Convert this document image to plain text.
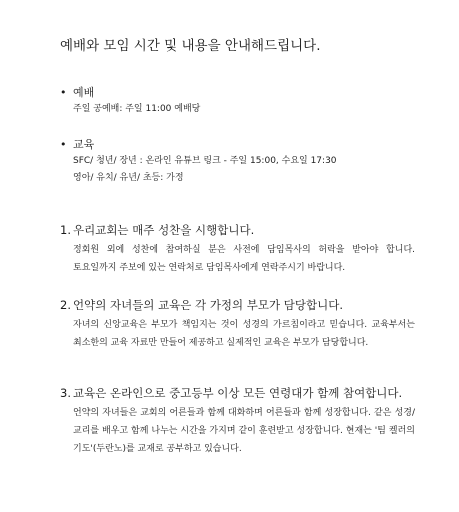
예배와 모임 시간 및 내용을 안내해드립니다.
• 예배
주일 공예배: 주일 11:00 예배당
• 교육
SFC/ 청년/ 장년 : 온라인 유튜브 링크 - 주일 15:00, 수요일 17:30
영아/ 유치/ 유년/ 초등: 가정
1. 우리교회는 매주 성찬을 시행합니다.
정회원 외에 성찬에 참여하실 분은 사전에 담임목사의 허락을 받아야 합니다. 토요일까지 주보에 있는 연락처로 담임목사에게 연락주시기 바랍니다.
2. 언약의 자녀들의 교육은 각 가정의 부모가 담당합니다.
자녀의 신앙교육은 부모가 책임지는 것이 성경의 가르침이라고 믿습니다. 교육부서는 최소한의 교육 자료만 만들어 제공하고 실제적인 교육은 부모가 담당합니다.
3. 교육은 온라인으로 중고등부 이상 모든 연령대가 함께 참여합니다.
언약의 자녀들은 교회의 어른들과 함께 대화하며 어른들과 함께 성장합니다. 같은 성경/ 교리를 배우고 함께 나누는 시간을 가지며 같이 훈련받고 성장합니다. 현재는 '팀 켈러의 기도'(두란노)를 교재로 공부하고 있습니다.
